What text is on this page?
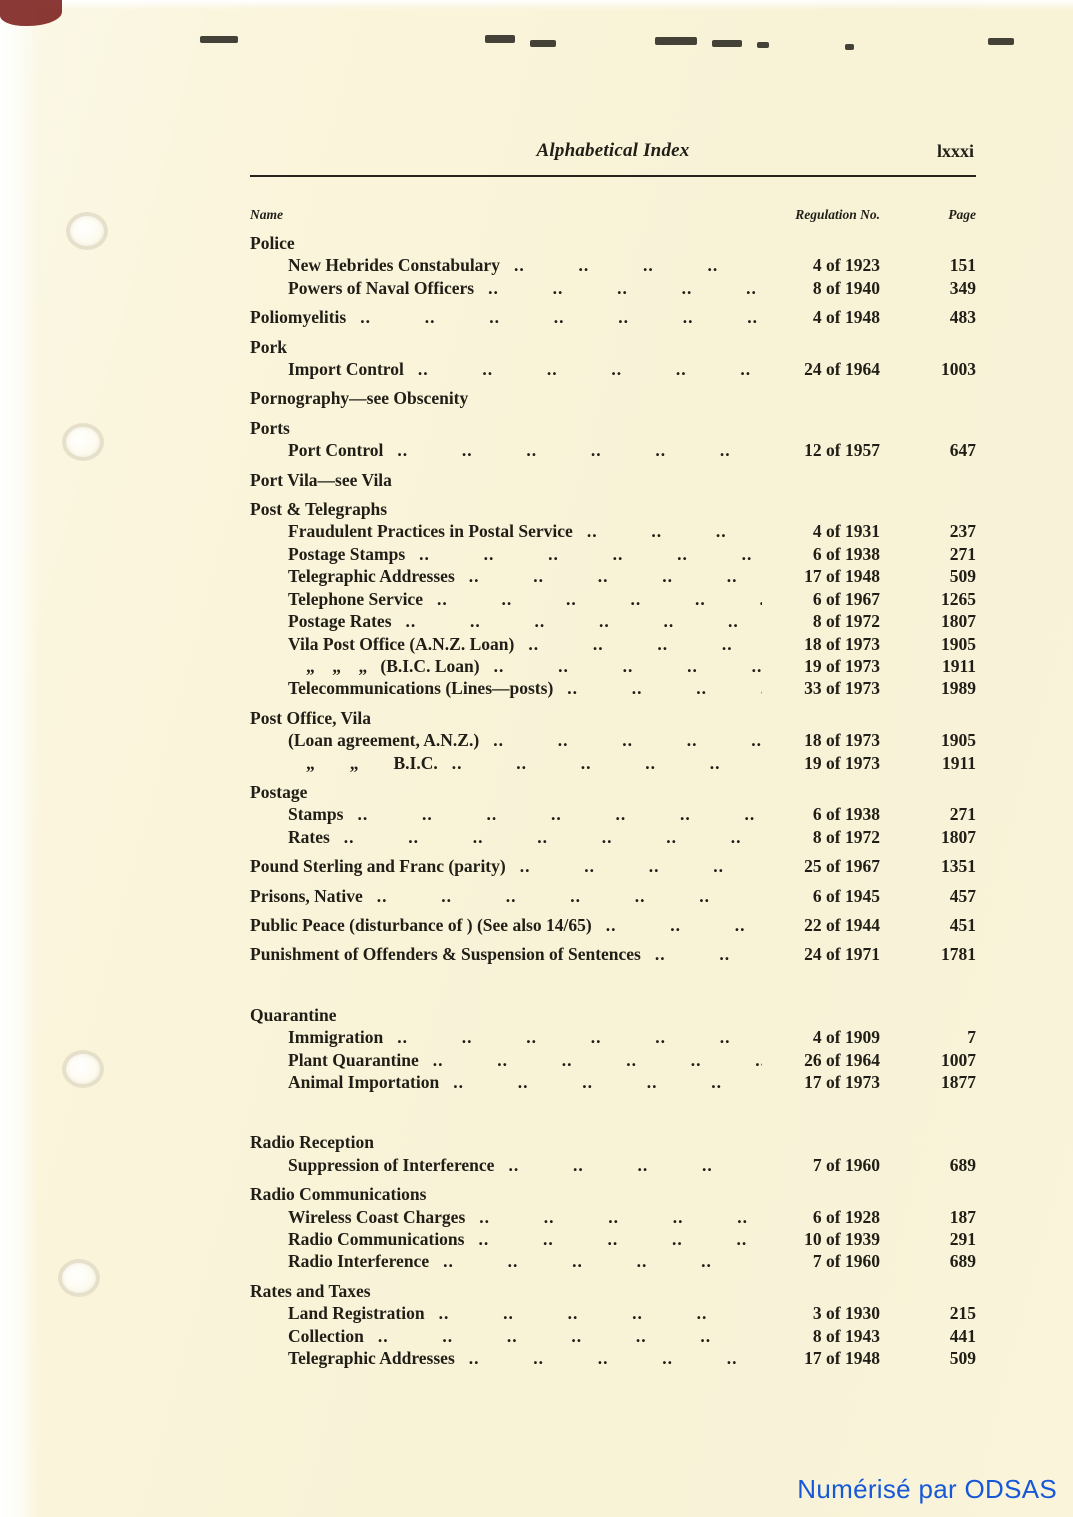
Alphabetical Index	lxxxi
Name	Regulation No.	Page
Police
New Hebrides Constabulary ..	4 of 1923	151
Powers of Naval Officers ..	8 of 1940	349
Poliomyelitis ..	4 of 1948	483
Pork
Import Control ..	24 of 1964	1003
Pornography—see Obscenity
Ports
Port Control ..	12 of 1957	647
Port Vila—see Vila
Post & Telegraphs
Fraudulent Practices in Postal Service ..	4 of 1931	237
Postage Stamps ..	6 of 1938	271
Telegraphic Addresses ..	17 of 1948	509
Telephone Service ..	6 of 1967	1265
Postage Rates ..	8 of 1972	1807
Vila Post Office (A.N.Z. Loan) ..	18 of 1973	1905
„    „    „   (B.I.C. Loan) ..	19 of 1973	1911
Telecommunications (Lines—posts) ..	33 of 1973	1989
Post Office, Vila
(Loan agreement, A.N.Z.) ..	18 of 1973	1905
„        „        B.I.C. ..	19 of 1973	1911
Postage
Stamps ..	6 of 1938	271
Rates ..	8 of 1972	1807
Pound Sterling and Franc (parity) ..	25 of 1967	1351
Prisons, Native ..	6 of 1945	457
Public Peace (disturbance of ) (See also 14/65) ..	22 of 1944	451
Punishment of Offenders & Suspension of Sentences ..	24 of 1971	1781
Quarantine
Immigration ..	4 of 1909	7
Plant Quarantine ..	26 of 1964	1007
Animal Importation ..	17 of 1973	1877
Radio Reception
Suppression of Interference ..	7 of 1960	689
Radio Communications
Wireless Coast Charges ..	6 of 1928	187
Radio Communications ..	10 of 1939	291
Radio Interference ..	7 of 1960	689
Rates and Taxes
Land Registration ..	3 of 1930	215
Collection ..	8 of 1943	441
Telegraphic Addresses ..	17 of 1948	509
Numérisé par ODSAS
